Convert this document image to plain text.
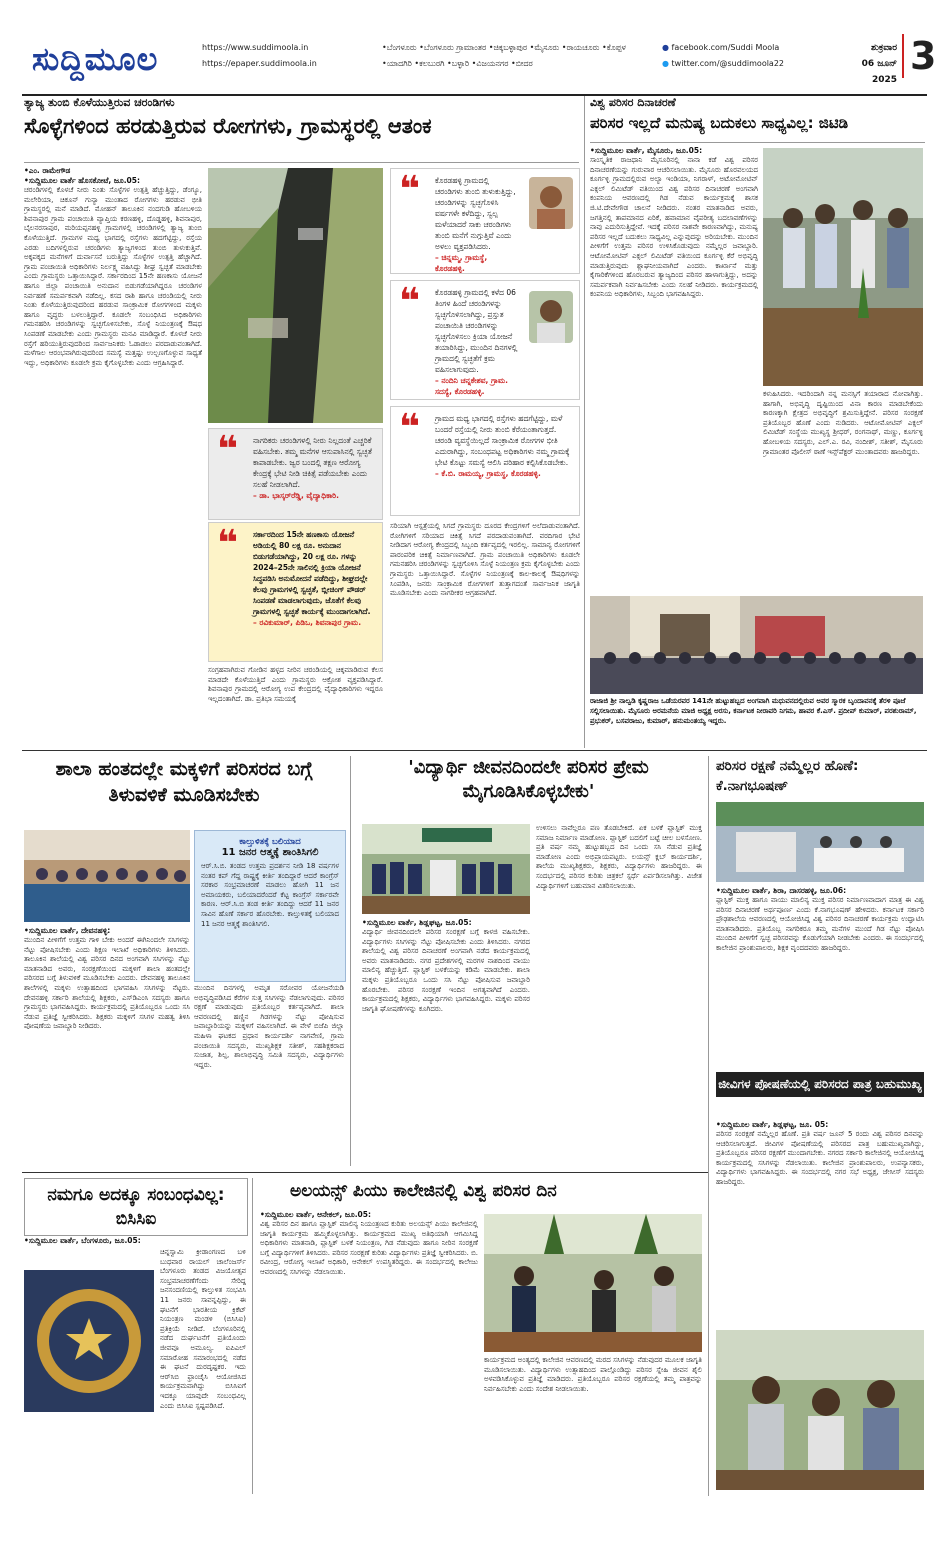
ಸುದ್ದಿಮೂಲ	https://www.suddimoola.in
https://epaper.suddimoola.in
•ಬೆಂಗಳೂರು •ಬೆಂಗಳೂರು ಗ್ರಾಮಾಂತರ •ಚಿಕ್ಕಬಳ್ಳಾಪುರ •ಮೈಸೂರು •ರಾಯಚೂರು •ಕೊಪ್ಪಳ •ಯಾದಗಿರಿ •ಕಲಬುರಗಿ •ಬಳ್ಳಾರಿ •ವಿಜಯನಗರ •ಬೀದರ
● facebook.com/Suddi Moola
● twitter.com/@suddimoola22
ಶುಕ್ರವಾರ
06 ಜೂನ್ 2025
3
ತ್ಯಾಜ್ಯ ತುಂಬಿ ಕೊಳೆಯುತ್ತಿರುವ ಚರಂಡಿಗಳು
ಸೊಳ್ಳೆಗಳಿಂದ ಹರಡುತ್ತಿರುವ ರೋಗಗಳು, ಗ್ರಾಮಸ್ಥರಲ್ಲಿ ಆತಂಕ
•ಎಂ. ರಾಮೇಗೌಡ
•ಸುದ್ದಿಮೂಲ ವಾರ್ತೆ ಹೊಸಕೋಟೆ, ಜೂ.05:
ಚರಂಡಿಗಳಲ್ಲಿ ಕೊಳಚೆ ನೀರು ನಿಂತು ಸೊಳ್ಳೆಗಳ ಉತ್ಪತ್ತಿ ಹೆಚ್ಚುತ್ತಿದ್ದು, ಡೆಂಗ್ಯೂ, ಮಲೇರಿಯಾ, ಚಿಕೂನ್ ಗುನ್ಯಾ ಮುಂತಾದ ರೋಗಗಳು ಹರಡುವ ಭೀತಿ ಗ್ರಾಮಸ್ಥರಲ್ಲಿ ಮನೆ ಮಾಡಿದೆ. ಮೋಹನ್ ತಾಲೂಕಿನ ನಂದಗುಡಿ ಹೋಬಳಿಯ ಶಿವನಾಪುರ ಗ್ರಾಮ ಪಂಚಾಯಿತಿ ವ್ಯಾಪ್ತಿಯ ಕರಣಹಳ್ಳಿ, ದೊಡ್ಡಹಳ್ಳಿ, ಶಿವನಾಪುರ, ಬೈಲನರಸಾಪುರ, ಮರಿಯಪ್ಪನಹಳ್ಳಿ ಗ್ರಾಮಗಳಲ್ಲಿ ಚರಂಡಿಗಳಲ್ಲಿ ತ್ಯಾಜ್ಯ ತುಂಬಿ ಕೊಳೆಯುತ್ತಿದೆ. ಗ್ರಾಮಗಳ ಮಧ್ಯ ಭಾಗದಲ್ಲಿ ರಸ್ತೆಗಳು ಹದಗೆಟ್ಟಿದ್ದು, ರಸ್ತೆಯ ಎರಡು ಬದಿಗಳಲ್ಲಿರುವ ಚರಂಡಿಗಳು ತ್ಯಾಜ್ಯಗಳಿಂದ ತುಂಬಿ ತುಳುಕುತ್ತಿವೆ. ಅಕ್ಕಪಕ್ಕದ ಮನೆಗಳಿಗೆ ದುರ್ವಾಸನೆ ಬರುತ್ತಿದ್ದು ಸೊಳ್ಳೆಗಳ ಉತ್ಪತ್ತಿ ಹೆಚ್ಚಾಗಿದೆ. ಗ್ರಾಮ ಪಂಚಾಯಿತಿ ಅಧಿಕಾರಿಗಳು ನಿರ್ಲಕ್ಷ್ಯ ವಹಿಸಿದ್ದು ಶೀಘ್ರ ಸ್ವಚ್ಛತೆ ಮಾಡಬೇಕು ಎಂದು ಗ್ರಾಮಸ್ಥರು ಒತ್ತಾಯಿಸಿದ್ದಾರೆ. ಸರ್ಕಾರದಿಂದ 15ನೇ ಹಣಕಾಸು ಯೋಜನೆ ಹಾಗೂ ಜಿಲ್ಲಾ ಪಂಚಾಯಿತಿ ಅನುದಾನ ಬಿಡುಗಡೆಯಾಗಿದ್ದರೂ ಚರಂಡಿಗಳ ನಿರ್ವಹಣೆ ಸಮರ್ಪಕವಾಗಿ ನಡೆದಿಲ್ಲ. ಕಸದ ರಾಶಿ ಹಾಗೂ ಚರಂಡಿಯಲ್ಲಿ ನೀರು ನಿಂತು ಕೊಳೆಯುತ್ತಿರುವುದರಿಂದ ಹರಡುವ ಸಾಂಕ್ರಾಮಿಕ ರೋಗಗಳಿಂದ ಮಕ್ಕಳು ಹಾಗೂ ವೃದ್ಧರು ಬಳಲುತ್ತಿದ್ದಾರೆ. ಕೂಡಲೇ ಸಂಬಂಧಿಸಿದ ಅಧಿಕಾರಿಗಳು ಗಮನಹರಿಸಿ ಚರಂಡಿಗಳನ್ನು ಸ್ವಚ್ಛಗೊಳಿಸಬೇಕು, ಸೊಳ್ಳೆ ನಿಯಂತ್ರಣಕ್ಕೆ ಔಷಧ ಸಿಂಪಡಣೆ ಮಾಡಬೇಕು ಎಂದು ಗ್ರಾಮಸ್ಥರು ಮನವಿ ಮಾಡಿದ್ದಾರೆ. ಕೊಳಚೆ ನೀರು ರಸ್ತೆಗೆ ಹರಿಯುತ್ತಿರುವುದರಿಂದ ಸಾರ್ವಜನಿಕರು ಓಡಾಡಲು ಪರದಾಡುವಂತಾಗಿದೆ. ಮಳೆಗಾಲ ಆರಂಭವಾಗಿರುವುದರಿಂದ ಸಮಸ್ಯೆ ಮತ್ತಷ್ಟು ಉಲ್ಬಣಗೊಳ್ಳುವ ಸಾಧ್ಯತೆ ಇದ್ದು, ಅಧಿಕಾರಿಗಳು ಕೂಡಲೇ ಕ್ರಮ ಕೈಗೊಳ್ಳಬೇಕು ಎಂದು ಆಗ್ರಹಿಸಿದ್ದಾರೆ.
❝ ನಾಗರಿಕರು ಚರಂಡಿಗಳಲ್ಲಿ ನೀರು ನಿಲ್ಲದಂತೆ ಎಚ್ಚರಿಕೆ ವಹಿಸಬೇಕು. ತಮ್ಮ ಮನೆಗಳ ಆಸುಪಾಸಿನಲ್ಲಿ ಸ್ವಚ್ಛತೆ ಕಾಪಾಡಬೇಕು. ಜ್ವರ ಬಂದಲ್ಲಿ ತಕ್ಷಣ ಆರೋಗ್ಯ ಕೇಂದ್ರಕ್ಕೆ ಭೇಟಿ ನೀಡಿ ಚಿಕಿತ್ಸೆ ಪಡೆಯಬೇಕು ಎಂದು ಸಲಹೆ ನೀಡಲಾಗಿದೆ.
– ಡಾ. ಭಾಸ್ಕರ್‌ರೆಡ್ಡಿ, ವೈದ್ಯಾಧಿಕಾರಿ.
❝ ಸರ್ಕಾರದಿಂದ 15ನೇ ಹಣಕಾಸು ಯೋಜನೆ ಅಡಿಯಲ್ಲಿ 80 ಲಕ್ಷ ರೂ. ಅನುದಾನ ಬಿಡುಗಡೆಯಾಗಿದ್ದು, 20 ಲಕ್ಷ ರೂ. ಗಳನ್ನು 2024–25ನೇ ಸಾಲಿನಲ್ಲಿ ಕ್ರಿಯಾ ಯೋಜನೆ ಸಿದ್ಧಪಡಿಸಿ ಅನುಮೋದನೆ ಪಡೆದಿದ್ದು, ಶೀಘ್ರದಲ್ಲೇ ಕೆಲವು ಗ್ರಾಮಗಳಲ್ಲಿ ಸ್ವಚ್ಛತೆ, ಬ್ಲೀಚಿಂಗ್ ಪೌಡರ್ ಸಿಂಪಡಣೆ ಮಾಡಲಾಗುವುದು, ಜೊತೆಗೆ ಕೆಲವು ಗ್ರಾಮಗಳಲ್ಲಿ ಸ್ವಚ್ಛತೆ ಕಾರ್ಯಕ್ಕೆ ಮುಂದಾಗಲಾಗಿದೆ.
– ರವಿಕುಮಾರ್, ಪಿಡಿಒ, ಶಿವನಾಪುರ ಗ್ರಾಮ.
ಸಂಗ್ರಹವಾಗಿರುವ ಗೋಡಿನ ಹಳ್ಳದ ನೀರಿನ ಚರಂಡಿಯಲ್ಲಿ ಚಿಕ್ಕಮಾಡಿರುವ ಕೆಲಸ ಮಾಡದೇ ಕೊಳೆಯುತ್ತಿದೆ ಎಂದು ಗ್ರಾಮಸ್ಥರು ಆಕ್ರೋಶ ವ್ಯಕ್ತಪಡಿಸಿದ್ದಾರೆ. ಶಿವನಾಪುರ ಗ್ರಾಮದಲ್ಲಿ ಆರೋಗ್ಯ ಉಪ ಕೇಂದ್ರದಲ್ಲಿ ವೈದ್ಯಾಧಿಕಾರಿಗಳು ಇದ್ದರೂ ಇಲ್ಲದಂತಾಗಿದೆ. ಡಾ. ಪ್ರತಿಭಾ ಸಮಯಕ್ಕೆ
❝ ಕೊರಡಹಳ್ಳಿ ಗ್ರಾಮದಲ್ಲಿ ಚರಂಡಿಗಳು ತುಂಬಿ ತುಳುಕುತ್ತಿದ್ದು, ಚರಂಡಿಗಳನ್ನು ಸ್ವಚ್ಛಗೊಳಿಸಿ ವರ್ಷಗಳೇ ಕಳೆದಿದ್ದು, ಸ್ವಲ್ಪ ಮಳೆಯಾದರೆ ಸಾಕು ಚರಂಡಿಗಳು ತುಂಬಿ ಮನೆಗೆ ನುಗ್ಗುತ್ತಿವೆ ಎಂದು ಅಳಲು ವ್ಯಕ್ತಪಡಿಸಿದರು.
– ಚಿನ್ನಮ್ಮ, ಗ್ರಾಮಸ್ಥೆ, ಕೊರಡಹಳ್ಳಿ.
❝ ಕೊರಡಹಳ್ಳಿ ಗ್ರಾಮದಲ್ಲಿ ಕಳೆದ 06 ತಿಂಗಳ ಹಿಂದೆ ಚರಂಡಿಗಳನ್ನು ಸ್ವಚ್ಛಗೊಳಿಸಲಾಗಿದ್ದು, ಪ್ರಸ್ತುತ ಪಂಚಾಯಿತಿ ಚರಂಡಿಗಳನ್ನು ಸ್ವಚ್ಛಗೊಳಿಸಲು ಕ್ರಿಯಾ ಯೋಜನೆ ತಯಾರಿಸಿದ್ದು, ಮುಂದಿನ ದಿನಗಳಲ್ಲಿ ಗ್ರಾಮದಲ್ಲಿ ಸ್ವಚ್ಛತೆಗೆ ಕ್ರಮ ವಹಿಸಲಾಗುವುದು.
– ನಂದಿನಿ ಚನ್ನಕೇಶವ, ಗ್ರಾಮ. ಸದಸ್ಯೆ, ಕೊರಡಹಳ್ಳಿ.
❝ ಗ್ರಾಮದ ಮಧ್ಯ ಭಾಗದಲ್ಲಿ ರಸ್ತೆಗಳು ಹದಗೆಟ್ಟಿದ್ದು, ಮಳೆ ಬಂದರೆ ರಸ್ತೆಯಲ್ಲಿ ನೀರು ತುಂಬಿ ಕೆರೆಯಂತಾಗುತ್ತದೆ. ಚರಂಡಿ ವ್ಯವಸ್ಥೆಯಿಲ್ಲದೆ ಸಾಂಕ್ರಾಮಿಕ ರೋಗಗಳ ಭೀತಿ ಎದುರಾಗಿದ್ದು, ಸಂಬಂಧಪಟ್ಟ ಅಧಿಕಾರಿಗಳು ನಮ್ಮ ಗ್ರಾಮಕ್ಕೆ ಭೇಟಿ ಕೊಟ್ಟು ಸಮಸ್ಯೆ ಆಲಿಸಿ ಪರಿಹಾರ ಕಲ್ಪಿಸಿಕೊಡಬೇಕು.
– ಕೆ.ಬಿ. ರಾಮಯ್ಯ, ಗ್ರಾಮಸ್ಥ, ಕೊರಡಹಳ್ಳಿ.
ಸರಿಯಾಗಿ ಆಸ್ಪತ್ರೆಯಲ್ಲಿ ಸಿಗದೆ ಗ್ರಾಮಸ್ಥರು ದೂರದ ಕೇಂದ್ರಗಳಿಗೆ ಅಲೆದಾಡುವಂತಾಗಿದೆ. ರೋಗಿಗಳಿಗೆ ಸರಿಯಾದ ಚಿಕಿತ್ಸೆ ಸಿಗದೆ ಪರದಾಡುವಂತಾಗಿದೆ. ವರದಿಗಾರ ಭೇಟಿ ನೀಡಿದಾಗ ಆರೋಗ್ಯ ಕೇಂದ್ರದಲ್ಲಿ ಸಿಬ್ಬಂದಿ ಕರ್ತವ್ಯದಲ್ಲಿ ಇರಲಿಲ್ಲ. ಸಾಮಾನ್ಯ ರೋಗಗಳಿಗೆ ಪಾರಂಪರಿಕ ಚಿಕಿತ್ಸೆ ನಿರ್ಮಾಣವಾಗಿದೆ. ಗ್ರಾಮ ಪಂಚಾಯಿತಿ ಅಧಿಕಾರಿಗಳು ಕೂಡಲೇ ಗಮನಹರಿಸಿ ಚರಂಡಿಗಳನ್ನು ಸ್ವಚ್ಛಗೊಳಿಸಿ ಸೊಳ್ಳೆ ನಿಯಂತ್ರಣ ಕ್ರಮ ಕೈಗೊಳ್ಳಬೇಕು ಎಂದು ಗ್ರಾಮಸ್ಥರು ಒತ್ತಾಯಿಸಿದ್ದಾರೆ. ಸೊಳ್ಳೆಗಳ ನಿಯಂತ್ರಣಕ್ಕೆ ಕಾಲ-ಕಾಲಕ್ಕೆ ಔಷಧಿಗಳನ್ನು ಸಿಂಪಡಿಸಿ, ಜನರು ಸಾಂಕ್ರಾಮಿಕ ರೋಗಗಳಿಗೆ ತುತ್ತಾಗದಂತೆ ಸಾರ್ವಜನಿಕ ಜಾಗೃತಿ ಮೂಡಿಸಬೇಕು ಎಂದು ನಾಗರೀಕರ ಆಗ್ರಹವಾಗಿದೆ.
ವಿಶ್ವ ಪರಿಸರ ದಿನಾಚರಣೆ
ಪರಿಸರ ಇಲ್ಲದೆ ಮನುಷ್ಯ ಬದುಕಲು ಸಾಧ್ಯವಿಲ್ಲ: ಜಿಟಿಡಿ
•ಸುದ್ದಿಮೂಲ ವಾರ್ತೆ, ಮೈಸೂರು, ಜೂ.05:
ಸಾಂಸ್ಕೃತಿಕ ರಾಜಧಾನಿ ಮೈಸೂರಿನಲ್ಲಿ ನಾನಾ ಕಡೆ ವಿಶ್ವ ಪರಿಸರ ದಿನಾಚರಣೆಯನ್ನು ಗುರುವಾರ ಆಚರಿಸಲಾಯಿತು. ಮೈಸೂರು ಹೊರವಲಯದ ಕೂರ್ಗಳ್ಳಿ ಗ್ರಾಮದಲ್ಲಿರುವ ಅಲ್ಯಾ ಇಂಡಿಯಾ, ನಿಗರಾಳ್, ಅಟೋಮೋಟಿವ್ ಎಕ್ಸಲ್ ಲಿಮಿಟೆಡ್ ವತಿಯಿಂದ ವಿಶ್ವ ಪರಿಸರ ದಿನಾಚರಣೆ ಅಂಗವಾಗಿ ಕಂಪನಿಯ ಆವರಣದಲ್ಲಿ ಗಿಡ ನೆಡುವ ಕಾರ್ಯಕ್ರಮಕ್ಕೆ ಶಾಸಕ ಜಿ.ಟಿ.ದೇವೇಗೌಡ ಚಾಲನೆ ನೀಡಿದರು. ನಂತರ ಮಾತನಾಡಿದ ಅವರು, ಜಗತ್ತಿನಲ್ಲಿ ತಾಪಮಾನದ ಏರಿಕೆ, ಹವಾಮಾನ ವೈಪರೀತ್ಯ ಬದಲಾವಣೆಗಳನ್ನು ನಾವು ಎದುರಿಸುತ್ತಿದ್ದೇವೆ. ಇದಕ್ಕೆ ಪರಿಸರ ನಾಶವೇ ಕಾರಣವಾಗಿದ್ದು, ಮನುಷ್ಯ ಪರಿಸರ ಇಲ್ಲದೆ ಬದುಕಲು ಸಾಧ್ಯವಿಲ್ಲ ಎನ್ನುವುದನ್ನು ಅರಿಯಬೇಕು. ಮುಂದಿನ ಪೀಳಿಗೆಗೆ ಉತ್ತಮ ಪರಿಸರ ಉಳಿಸಿಕೊಡುವುದು ನಮ್ಮೆಲ್ಲರ ಜವಾಬ್ದಾರಿ. ಆಟೋಮೋಟಿವ್ ಎಕ್ಸಲ್ ಲಿಮಿಟೆಡ್ ವತಿಯಿಂದ ಕೂರ್ಗಳ್ಳಿ ಕೆರೆ ಅಭಿವೃದ್ಧಿ ಮಾಡುತ್ತಿರುವುದು ಶ್ಲಾಘನೀಯವಾಗಿದೆ ಎಂದರು. ಕಾರ್ಖಾನೆ ಮತ್ತು ಕೈಗಾರಿಕೆಗಳಿಂದ ಹೊರಬರುವ ತ್ಯಾಜ್ಯದಿಂದ ಪರಿಸರ ಹಾಳಾಗುತ್ತಿದ್ದು, ಅದನ್ನು ಸಮರ್ಪಕವಾಗಿ ನಿರ್ವಹಿಸಬೇಕು ಎಂದು ಸಲಹೆ ನೀಡಿದರು. ಕಾರ್ಯಕ್ರಮದಲ್ಲಿ ಕಂಪನಿಯ ಅಧಿಕಾರಿಗಳು, ಸಿಬ್ಬಂದಿ ಭಾಗವಹಿಸಿದ್ದರು.
ಕಳುಹಿಸಿದರು. ಇದರಿಂದಾಗಿ ನನ್ನ ಮನಸ್ಸಿಗೆ ತಯಾರಾದ ನೋವಾಗಿತ್ತು. ಹಾಗಾಗಿ, ಅಭಿವೃದ್ಧಿ ದೃಷ್ಟಿಯಿಂದ ವಿನಾ ಕಾರಣ ಮಾಡಬೇಕೆಂದು ಕಾರಣಕ್ಕಾಗಿ ಕ್ಷೇತ್ರದ ಅಭಿವೃದ್ಧಿಗೆ ಶ್ರಮಿಸುತ್ತಿದ್ದೇನೆ. ಪರಿಸರ ಸಂರಕ್ಷಣೆ ಪ್ರತಿಯೊಬ್ಬರ ಹೊಣೆ ಎಂದು ನುಡಿದರು. ಆಟೋಮೋಟಿವ್ ಎಕ್ಸಲ್ ಲಿಮಿಟೆಡ್ ಸಂಸ್ಥೆಯ ಮುಖ್ಯಸ್ಥ ಶ್ರೀಧರ್, ರಂಗನಾಥ್, ಮಣ್ಣು, ಕೂರ್ಗಳ್ಳಿ ಹೋಬಳಿಯ ಸದಸ್ಯರು, ಎಲ್.ಎ. ರವಿ, ನಂದೀಶ್, ಸತೀಶ್, ಮೈಸೂರು ಗ್ರಾಮಾಂತರ ಪೊಲೀಸ್ ಠಾಣೆ ಇನ್ಸ್‌ಪೆಕ್ಟರ್ ಮುಂತಾದವರು ಹಾಜರಿದ್ದರು.
ರಾಜಾಜಿ ಶ್ರೀ ನಾಲ್ವಡಿ ಕೃಷ್ಣರಾಜ ಒಡೆಯರವರ 141ನೇ ಹುಟ್ಟುಹಬ್ಬದ ಅಂಗವಾಗಿ ಮಧುವನದಲ್ಲಿರುವ ಅವರ ಸ್ಮಾರಕ ಬೃಂದಾವನಕ್ಕೆ ತೆರಳಿ ಪೂಜೆ ಸಲ್ಲಿಸಲಾಯಿತು. ಮೈಸೂರು ಅರಮನೆಯ ಮಾಜಿ ಅಧ್ಯಕ್ಷ ಅರಸು, ಕರ್ನಾಟಕ ನೀರಾವರಿ ನಿಗಮ, ಹಾವರ ಕೆ.ಎಸ್. ಪ್ರದೀಪ್ ಕುಮಾರ್, ಪರಶುರಾಮ್, ಪ್ರಭುಕರ್, ಬಸವರಾಜು, ಕುಮಾರ್, ಹನುಮಂತಯ್ಯ ಇದ್ದರು.
ಶಾಲಾ ಹಂತದಲ್ಲೇ ಮಕ್ಕಳಿಗೆ ಪರಿಸರದ ಬಗ್ಗೆ ತಿಳುವಳಿಕೆ ಮೂಡಿಸಬೇಕು
ಕಾಲ್ತುಳಿತಕ್ಕೆ ಬಲಿಯಾದ
11 ಜನರ ಆತ್ಮಕ್ಕೆ ಶಾಂತಿಸಿಗಲಿ
ಆರ್.ಸಿ.ಬಿ. ತಂಡದ ಉತ್ತಮ ಪ್ರದರ್ಶನ ನೀಡಿ 18 ವರ್ಷಗಳ ನಂತರ ಕಪ್ ಗೆದ್ದ ರಾಷ್ಟ್ರಕ್ಕೆ ಕೀರ್ತಿ ತಂದಿದ್ದಾರೆ ಆದರೆ ಕಾಂಗ್ರೆಸ್ ಸರಕಾರ ಸಂಭ್ರಮಾಚರಣೆ ಮಾಡಲು ಹೋಗಿ 11 ಜನ ಅಮಾಯಕರು, ಬಲಿಯಾದರೆಂದರೆ ಕೆಟ್ಟ ಕಾಂಗ್ರೆಸ್ ಸರ್ಕಾರವೇ ಕಾರಣ. ಆರ್.ಸಿ.ಬಿ ತಂಡ ಕೀರ್ತಿ ತಂದಿದ್ದು ಆದರೆ 11 ಜನರ ಸಾವಿನ ಹೊಣೆ ಸರ್ಕಾರ ಹೊರಬೇಕು. ಕಾಲ್ತುಳಿತಕ್ಕೆ ಬಲಿಯಾದ 11 ಜನರ ಆತ್ಮಕ್ಕೆ ಶಾಂತಿಸಿಗಲಿ.
•ಸುದ್ದಿಮೂಲ ವಾರ್ತೆ, ದೇವನಹಳ್ಳಿ:
ಮುಂದಿನ ಪೀಳಿಗೆಗೆ ಉತ್ತಮ ಗಾಳಿ ಬೇಕು ಅಂದರೆ ಈಗಿನಿಂದಲೇ ಸಸಿಗಳನ್ನು ನೆಟ್ಟು ಪೋಷಿಸಬೇಕು ಎಂದು ಶಿಕ್ಷಣ ಇಲಾಖೆ ಅಧಿಕಾರಿಗಳು ತಿಳಿಸಿದರು. ತಾಲೂಕಿನ ಶಾಲೆಯಲ್ಲಿ ವಿಶ್ವ ಪರಿಸರ ದಿನದ ಅಂಗವಾಗಿ ಸಸಿಗಳನ್ನು ನೆಟ್ಟು ಮಾತನಾಡಿದ ಅವರು, ಸಂರಕ್ಷಣೆಯಿಂದ ಮಕ್ಕಳಿಗೆ ಶಾಲಾ ಹಂತದಲ್ಲೇ ಪರಿಸರದ ಬಗ್ಗೆ ತಿಳುವಳಿಕೆ ಮೂಡಿಸಬೇಕು ಎಂದರು. ದೇವನಹಳ್ಳಿ ತಾಲೂಕಿನ ಶಾಲೆಗಳಲ್ಲಿ ಮಕ್ಕಳು ಉತ್ಸಾಹದಿಂದ ಭಾಗವಹಿಸಿ ಸಸಿಗಳನ್ನು ನೆಟ್ಟರು. ದೇವನಹಳ್ಳಿ ಸರ್ಕಾರಿ ಶಾಲೆಯಲ್ಲಿ ಶಿಕ್ಷಕರು, ಎಸ್‌ಡಿಎಂಸಿ ಸದಸ್ಯರು ಹಾಗೂ ಗ್ರಾಮಸ್ಥರು ಭಾಗವಹಿಸಿದ್ದರು. ಕಾರ್ಯಕ್ರಮದಲ್ಲಿ ಪ್ರತಿಯೊಬ್ಬರೂ ಒಂದು ಸಸಿ ನೆಡುವ ಪ್ರತಿಜ್ಞೆ ಸ್ವೀಕರಿಸಿದರು. ಶಿಕ್ಷಕರು ಮಕ್ಕಳಿಗೆ ಸಸಿಗಳ ಮಹತ್ವ ತಿಳಿಸಿ ಪೋಷಣೆಯ ಜವಾಬ್ದಾರಿ ನೀಡಿದರು.
ಮುಂದಿನ ದಿನಗಳಲ್ಲಿ ಅಮೃತ ಸರೋವರ ಯೋಜನೆಯಡಿ ಅಭಿವೃದ್ಧಿಪಡಿಸಿದ ಕೆರೆಗಳ ಸುತ್ತ ಸಸಿಗಳನ್ನು ನೆಡಲಾಗುವುದು. ಪರಿಸರ ರಕ್ಷಣೆ ಮಾಡುವುದು ಪ್ರತಿಯೊಬ್ಬರ ಕರ್ತವ್ಯವಾಗಿದೆ. ಶಾಲಾ ಆವರಣದಲ್ಲಿ ಹಣ್ಣಿನ ಗಿಡಗಳನ್ನು ನೆಟ್ಟು ಪೋಷಿಸುವ ಜವಾಬ್ದಾರಿಯನ್ನು ಮಕ್ಕಳಿಗೆ ವಹಿಸಲಾಗಿದೆ. ಈ ವೇಳೆ ಬಿಜೆಪಿ ಜಿಲ್ಲಾ ಮಹಿಳಾ ಘಟಕದ ಪ್ರಧಾನ ಕಾರ್ಯದರ್ಶಿ ನಾಗವೇಣಿ, ಗ್ರಾಮ ಪಂಚಾಯಿತಿ ಸದಸ್ಯರು, ಮುಖ್ಯಶಿಕ್ಷಕ ಸತೀಶ್, ಸಹಶಿಕ್ಷಕರಾದ ಸುಜಾತ, ಶಿಲ್ಪ, ಶಾಲಾಭಿವೃದ್ಧಿ ಸಮಿತಿ ಸದಸ್ಯರು, ವಿದ್ಯಾರ್ಥಿಗಳು ಇದ್ದರು.
'ವಿದ್ಯಾರ್ಥಿ ಜೀವನದಿಂದಲೇ ಪರಿಸರ ಪ್ರೇಮ ಮೈಗೂಡಿಸಿಕೊಳ್ಳಬೇಕು'
•ಸುದ್ದಿಮೂಲ ವಾರ್ತೆ, ಶಿಡ್ಲಘಟ್ಟ, ಜೂ.05:
ವಿದ್ಯಾರ್ಥಿ ಜೀವನದಿಂದಲೇ ಪರಿಸರ ಸಂರಕ್ಷಣೆ ಬಗ್ಗೆ ಕಾಳಜಿ ವಹಿಸಬೇಕು. ವಿದ್ಯಾರ್ಥಿಗಳು ಸಸಿಗಳನ್ನು ನೆಟ್ಟು ಪೋಷಿಸಬೇಕು ಎಂದು ತಿಳಿಸಿದರು. ನಗರದ ಶಾಲೆಯಲ್ಲಿ ವಿಶ್ವ ಪರಿಸರ ದಿನಾಚರಣೆ ಅಂಗವಾಗಿ ನಡೆದ ಕಾರ್ಯಕ್ರಮದಲ್ಲಿ ಅವರು ಮಾತನಾಡಿದರು. ನಗರ ಪ್ರದೇಶಗಳಲ್ಲಿ ಮರಗಳ ನಾಶದಿಂದ ವಾಯು ಮಾಲಿನ್ಯ ಹೆಚ್ಚುತ್ತಿದೆ. ಪ್ಲಾಸ್ಟಿಕ್ ಬಳಕೆಯನ್ನು ಕಡಿಮೆ ಮಾಡಬೇಕು. ಶಾಲಾ ಮಕ್ಕಳು ಪ್ರತಿಯೊಬ್ಬರೂ ಒಂದು ಸಸಿ ನೆಟ್ಟು ಪೋಷಿಸುವ ಜವಾಬ್ದಾರಿ ಹೊರಬೇಕು. ಪರಿಸರ ಸಂರಕ್ಷಣೆ ಇಂದಿನ ಅಗತ್ಯವಾಗಿದೆ ಎಂದರು. ಕಾರ್ಯಕ್ರಮದಲ್ಲಿ ಶಿಕ್ಷಕರು, ವಿದ್ಯಾರ್ಥಿಗಳು ಭಾಗವಹಿಸಿದ್ದರು. ಮಕ್ಕಳು ಪರಿಸರ ಜಾಗೃತಿ ಘೋಷಣೆಗಳನ್ನು ಕೂಗಿದರು.
ಉಳಿಸಲು ನಾವೆಲ್ಲರೂ ಪಣ ತೊಡಬೇಕಿದೆ. ಏಕ ಬಳಕೆ ಪ್ಲಾಸ್ಟಿಕ್ ಮುಕ್ತ ಸಮಾಜ ನಿರ್ಮಾಣ ಮಾಡೋಣ. ಪ್ಲಾಸ್ಟಿಕ್ ಬದಲಿಗೆ ಬಟ್ಟೆ ಚೀಲ ಬಳಸೋಣ. ಪ್ರತಿ ವರ್ಷ ನಮ್ಮ ಹುಟ್ಟುಹಬ್ಬದ ದಿನ ಒಂದು ಸಸಿ ನೆಡುವ ಪ್ರತಿಜ್ಞೆ ಮಾಡೋಣ ಎಂದು ಅಭಿಪ್ರಾಯಪಟ್ಟರು. ಲಯನ್ಸ್ ಕ್ಲಬ್ ಕಾರ್ಯದರ್ಶಿ, ಶಾಲೆಯ ಮುಖ್ಯಶಿಕ್ಷಕರು, ಶಿಕ್ಷಕರು, ವಿದ್ಯಾರ್ಥಿಗಳು ಹಾಜರಿದ್ದರು. ಈ ಸಂದರ್ಭದಲ್ಲಿ ಪರಿಸರ ಕುರಿತು ಚಿತ್ರಕಲೆ ಸ್ಪರ್ಧೆ ಏರ್ಪಡಿಸಲಾಗಿತ್ತು. ವಿಜೇತ ವಿದ್ಯಾರ್ಥಿಗಳಿಗೆ ಬಹುಮಾನ ವಿತರಿಸಲಾಯಿತು.
ಪರಿಸರ ರಕ್ಷಣೆ ನಮ್ಮೆಲ್ಲರ ಹೊಣೆ: ಕೆ.ನಾಗಭೂಷಣ್
•ಸುದ್ದಿಮೂಲ ವಾರ್ತೆ, ಶಿರಾ, ದಾಸರಹಳ್ಳಿ, ಜೂ.06:
ಪ್ಲಾಸ್ಟಿಕ್ ಮುಕ್ತ ಹಾಗೂ ವಾಯು ಮಾಲಿನ್ಯ ಮುಕ್ತ ಪರಿಸರ ನಿರ್ಮಾಣವಾದಾಗ ಮಾತ್ರ ಈ ವಿಶ್ವ ಪರಿಸರ ದಿನಾಚರಣೆ ಅರ್ಥಪೂರ್ಣ ಎಂದು ಕೆ.ನಾಗಭೂಷಣ್ ಹೇಳಿದರು. ಕರ್ನಾಟಕ ಸರ್ಕಾರಿ ಪ್ರೌಢಶಾಲೆಯ ಆವರಣದಲ್ಲಿ ಆಯೋಜಿಸಿದ್ದ ವಿಶ್ವ ಪರಿಸರ ದಿನಾಚರಣೆ ಕಾರ್ಯಕ್ರಮ ಉದ್ಘಾಟಿಸಿ ಮಾತನಾಡಿದರು. ಪ್ರತಿಯೊಬ್ಬ ನಾಗರಿಕರೂ ತಮ್ಮ ಮನೆಗಳ ಮುಂದೆ ಗಿಡ ನೆಟ್ಟು ಪೋಷಿಸಿ ಮುಂದಿನ ಪೀಳಿಗೆಗೆ ಸ್ವಚ್ಛ ಪರಿಸರವನ್ನು ಕೊಡುಗೆಯಾಗಿ ನೀಡಬೇಕು ಎಂದರು. ಈ ಸಂದರ್ಭದಲ್ಲಿ ಕಾಲೇಜಿನ ಪ್ರಾಂಶುಪಾಲರು, ಶಿಕ್ಷಕ ವೃಂದದವರು ಹಾಜರಿದ್ದರು.
ಜೀವಿಗಳ ಪೋಷಣೆಯಲ್ಲಿ ಪರಿಸರದ ಪಾತ್ರ ಬಹುಮುಖ್ಯ
•ಸುದ್ದಿಮೂಲ ವಾರ್ತೆ, ಶಿಡ್ಲಘಟ್ಟ, ಜೂ. 05:
ಪರಿಸರ ಸಂರಕ್ಷಣೆ ನಮ್ಮೆಲ್ಲರ ಹೊಣೆ. ಪ್ರತಿ ವರ್ಷ ಜೂನ್ 5 ರಂದು ವಿಶ್ವ ಪರಿಸರ ದಿನವನ್ನು ಆಚರಿಸಲಾಗುತ್ತದೆ. ಜೀವಿಗಳ ಪೋಷಣೆಯಲ್ಲಿ ಪರಿಸರದ ಪಾತ್ರ ಬಹುಮುಖ್ಯವಾಗಿದ್ದು, ಪ್ರತಿಯೊಬ್ಬರೂ ಪರಿಸರ ರಕ್ಷಣೆಗೆ ಮುಂದಾಗಬೇಕು. ನಗರದ ಸರ್ಕಾರಿ ಕಾಲೇಜಿನಲ್ಲಿ ಆಯೋಜಿಸಿದ್ದ ಕಾರ್ಯಕ್ರಮದಲ್ಲಿ ಸಸಿಗಳನ್ನು ನೆಡಲಾಯಿತು. ಕಾಲೇಜಿನ ಪ್ರಾಂಶುಪಾಲರು, ಉಪನ್ಯಾಸಕರು, ವಿದ್ಯಾರ್ಥಿಗಳು ಭಾಗವಹಿಸಿದ್ದರು. ಈ ಸಂದರ್ಭದಲ್ಲಿ ನಗರ ಸಭೆ ಅಧ್ಯಕ್ಷ, ಜೇಸೀಸ್ ಸದಸ್ಯರು ಹಾಜರಿದ್ದರು.
ನಮಗೂ ಅದಕ್ಕೂ ಸಂಬಂಧವಿಲ್ಲ: ಬಿಸಿಸಿಐ
•ಸುದ್ದಿಮೂಲ ವಾರ್ತೆ, ಬೆಂಗಳೂರು, ಜೂ.05:
ಚಿನ್ನಸ್ವಾಮಿ ಕ್ರೀಡಾಂಗಣದ ಬಳಿ ಬುಧವಾರ ರಾಯಲ್ ಚಾಲೆಂಜರ್ಸ್ ಬೆಂಗಳೂರು ತಂಡದ ವಿಜಯೋತ್ಸವ ಸಂಭ್ರಮಾಚರಣೆಗೆಂದು ಸೇರಿದ್ದ ಜನಸಂದಣಿಯಲ್ಲಿ ಕಾಲ್ತುಳಿತ ಸಂಭವಿಸಿ 11 ಜನರು ಸಾವನ್ನಪ್ಪಿದ್ದು, ಈ ಘಟನೆಗೆ ಭಾರತೀಯ ಕ್ರಿಕೆಟ್ ನಿಯಂತ್ರಣ ಮಂಡಳಿ (ಬಿಸಿಸಿಐ) ಪ್ರತಿಕ್ರಿಯೆ ನೀಡಿದೆ. ಬೆಂಗಳೂರಿನಲ್ಲಿ ನಡೆದ ದುರ್ಘಟನೆಗೆ ಪ್ರತಿಯೊಂದು ಜೀವವೂ ಅಮೂಲ್ಯ. ಐಪಿಎಲ್ ಸಮಾರೋಹ ಸಮಾರಂಭದಲ್ಲಿ ನಡೆದ ಈ ಘಟನೆ ದುರದೃಷ್ಟಕರ. ಇದು ಆರ್‌ಸಿಬಿ ಫ್ರಾಂಚೈಸಿ ಆಯೋಜಿಸಿದ ಕಾರ್ಯಕ್ರಮವಾಗಿದ್ದು ಬಿಸಿಸಿಐಗೆ ಇದಕ್ಕೂ ಯಾವುದೇ ಸಂಬಂಧವಿಲ್ಲ ಎಂದು ಬಿಸಿಸಿಐ ಸ್ಪಷ್ಟಪಡಿಸಿದೆ.
ಅಲಯನ್ಸ್ ಪಿಯು ಕಾಲೇಜಿನಲ್ಲಿ ವಿಶ್ವ ಪರಿಸರ ದಿನ
•ಸುದ್ದಿಮೂಲ ವಾರ್ತೆ, ಆನೇಕಲ್, ಜೂ.05:
ವಿಶ್ವ ಪರಿಸರ ದಿನ ಹಾಗೂ ಪ್ಲಾಸ್ಟಿಕ್ ಮಾಲಿನ್ಯ ನಿಯಂತ್ರಣದ ಕುರಿತು ಅಲಯನ್ಸ್ ಪಿಯು ಕಾಲೇಜಿನಲ್ಲಿ ಜಾಗೃತಿ ಕಾರ್ಯಕ್ರಮ ಹಮ್ಮಿಕೊಳ್ಳಲಾಗಿತ್ತು. ಕಾರ್ಯಕ್ರಮದ ಮುಖ್ಯ ಅತಿಥಿಯಾಗಿ ಆಗಮಿಸಿದ್ದ ಅಧಿಕಾರಿಗಳು ಮಾತನಾಡಿ, ಪ್ಲಾಸ್ಟಿಕ್ ಬಳಕೆ ನಿಯಂತ್ರಣ, ಗಿಡ ನೆಡುವುದು ಹಾಗೂ ನೀರಿನ ಸಂರಕ್ಷಣೆ ಬಗ್ಗೆ ವಿದ್ಯಾರ್ಥಿಗಳಿಗೆ ತಿಳಿಸಿದರು. ಪರಿಸರ ಸಂರಕ್ಷಣೆ ಕುರಿತು ವಿದ್ಯಾರ್ಥಿಗಳು ಪ್ರತಿಜ್ಞೆ ಸ್ವೀಕರಿಸಿದರು. ಬಿ. ರವೀಂದ್ರ, ಆರೋಗ್ಯ ಇಲಾಖೆ ಅಧಿಕಾರಿ, ಆನೇಕಲ್ ಉಪಸ್ಥಿತರಿದ್ದರು. ಈ ಸಂದರ್ಭದಲ್ಲಿ ಕಾಲೇಜು ಆವರಣದಲ್ಲಿ ಸಸಿಗಳನ್ನು ನೆಡಲಾಯಿತು.
ಕಾರ್ಯಕ್ರಮದ ಅಂತ್ಯದಲ್ಲಿ ಕಾಲೇಜಿನ ಆವರಣದಲ್ಲಿ ಮರದ ಸಸಿಗಳನ್ನು ನೆಡುವುದರ ಮೂಲಕ ಜಾಗೃತಿ ಮೂಡಿಸಲಾಯಿತು. ವಿದ್ಯಾರ್ಥಿಗಳು ಉತ್ಸಾಹದಿಂದ ಪಾಲ್ಗೊಂಡಿದ್ದು ಪರಿಸರ ಸ್ನೇಹಿ ಜೀವನ ಶೈಲಿ ಅಳವಡಿಸಿಕೊಳ್ಳುವ ಪ್ರತಿಜ್ಞೆ ಮಾಡಿದರು. ಪ್ರತಿಯೊಬ್ಬರೂ ಪರಿಸರ ರಕ್ಷಣೆಯಲ್ಲಿ ತಮ್ಮ ಪಾತ್ರವನ್ನು ನಿರ್ವಹಿಸಬೇಕು ಎಂದು ಸಂದೇಶ ನೀಡಲಾಯಿತು.
